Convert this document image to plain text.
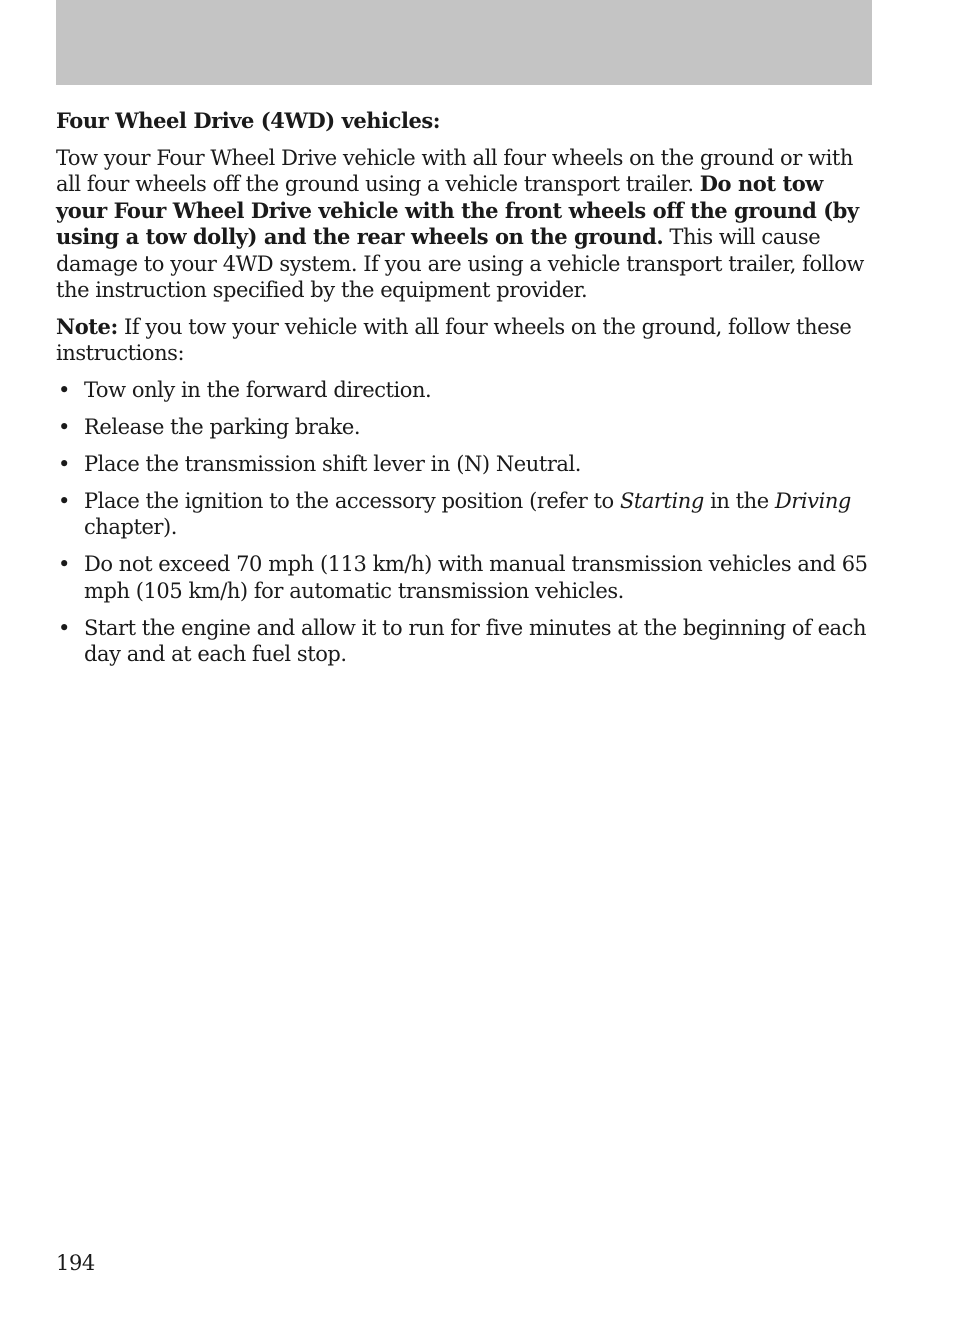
Four Wheel Drive (4WD) vehicles:

Tow your Four Wheel Drive vehicle with all four wheels on the ground or with all four wheels off the ground using a vehicle transport trailer. Do not tow your Four Wheel Drive vehicle with the front wheels off the ground (by using a tow dolly) and the rear wheels on the ground. This will cause damage to your 4WD system. If you are using a vehicle transport trailer, follow the instruction specified by the equipment provider.

Note: If you tow your vehicle with all four wheels on the ground, follow these instructions:

• Tow only in the forward direction.
• Release the parking brake.
• Place the transmission shift lever in (N) Neutral.
• Place the ignition to the accessory position (refer to Starting in the Driving chapter).
• Do not exceed 70 mph (113 km/h) with manual transmission vehicles and 65 mph (105 km/h) for automatic transmission vehicles.
• Start the engine and allow it to run for five minutes at the beginning of each day and at each fuel stop.
194
